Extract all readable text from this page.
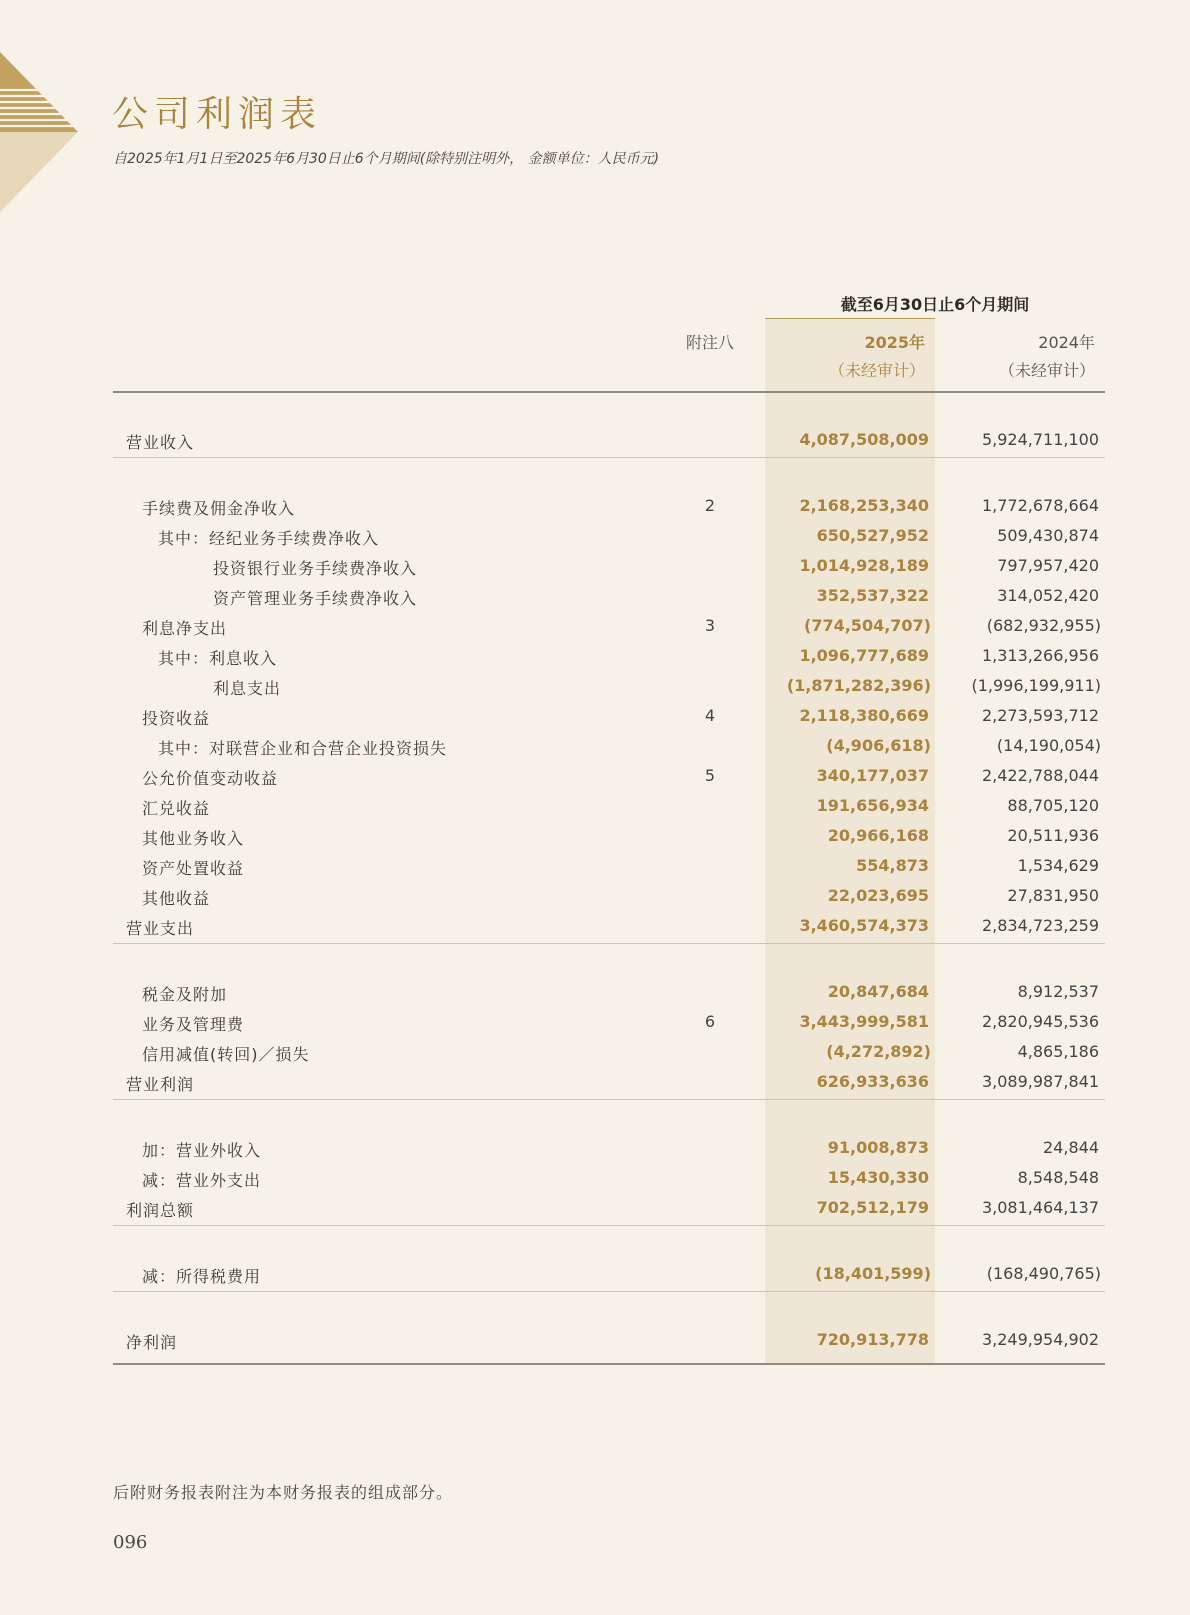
公司利润表
自2025年1月1日至2025年6月30日止6个月期间(除特别注明外， 金额单位：人民币元)
截至6月30日止6个月期间
附注八	2025年
（未经审计）
2024年
（未经审计）
营业收入	4,087,508,009	5,924,711,100
手续费及佣金净收入	2	2,168,253,340	1,772,678,664
其中：经纪业务手续费净收入	650,527,952	509,430,874
投资银行业务手续费净收入	1,014,928,189	797,957,420
资产管理业务手续费净收入	352,537,322	314,052,420
利息净支出	3	(774,504,707)	(682,932,955)
其中：利息收入	1,096,777,689	1,313,266,956
利息支出	(1,871,282,396)	(1,996,199,911)
投资收益	4	2,118,380,669	2,273,593,712
其中：对联营企业和合营企业投资损失	(4,906,618)	(14,190,054)
公允价值变动收益	5	340,177,037	2,422,788,044
汇兑收益	191,656,934	88,705,120
其他业务收入	20,966,168	20,511,936
资产处置收益	554,873	1,534,629
其他收益	22,023,695	27,831,950
营业支出	3,460,574,373	2,834,723,259
税金及附加	20,847,684	8,912,537
业务及管理费	6	3,443,999,581	2,820,945,536
信用减值(转回)／损失	(4,272,892)	4,865,186
营业利润	626,933,636	3,089,987,841
加：营业外收入	91,008,873	24,844
减：营业外支出	15,430,330	8,548,548
利润总额	702,512,179	3,081,464,137
减：所得税费用	(18,401,599)	(168,490,765)
净利润	720,913,778	3,249,954,902
后附财务报表附注为本财务报表的组成部分。
096
